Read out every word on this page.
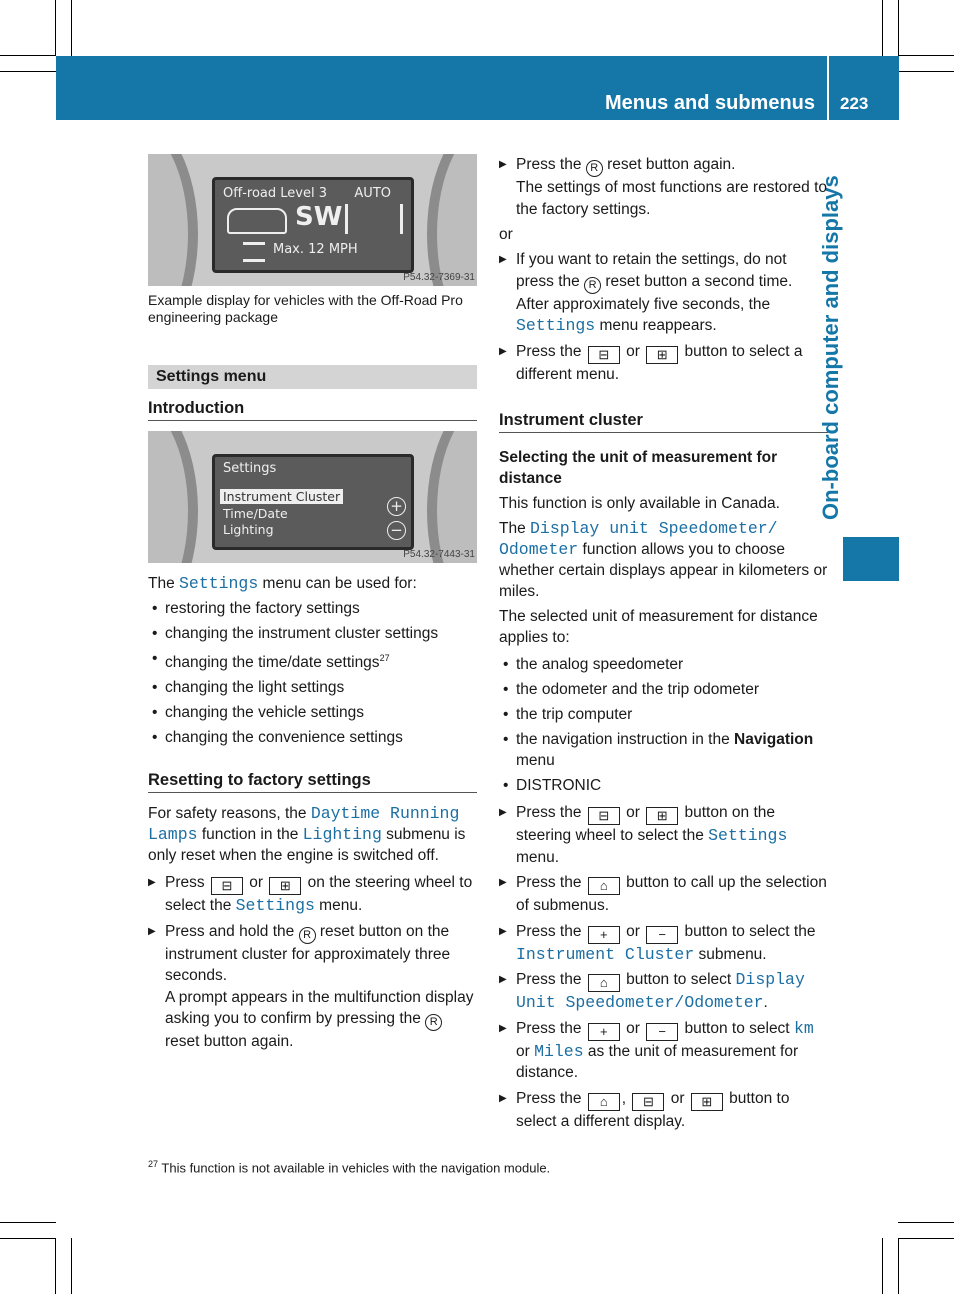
Menus and submenus 223
On-board computer and displays
Off-road Level 3 AUTO
SW
Max. 12 MPH
P54.32-7369-31
Example display for vehicles with the Off-Road Pro engineering package
Settings menu
Introduction
Settings
Instrument Cluster
Time/Date
Lighting
+
−
P54.32-7443-31

The Settings menu can be used for:

• restoring the factory settings
• changing the instrument cluster settings
• changing the time/date settings$^{27}$
• changing the light settings
• changing the vehicle settings
• changing the convenience settings
Resetting to factory settings

For safety reasons, the Daytime Running Lamps function in the Lighting submenu is only reset when the engine is switched off.

▶ Press ⊟ or ⊞ on the steering wheel to select the Settings menu.
▶ Press and hold the R reset button on the instrument cluster for approximately three seconds.
A prompt appears in the multifunction display asking you to confirm by pressing the R reset button again.
▶ Press the R reset button again.
The settings of most functions are restored to the factory settings.

or

▶ If you want to retain the settings, do not press the R reset button a second time. After approximately five seconds, the Settings menu reappears.
▶ Press the ⊟ or ⊞ button to select a different menu.
Instrument cluster

Selecting the unit of measurement for distance

This function is only available in Canada.

The Display unit Speedometer/ Odometer function allows you to choose whether certain displays appear in kilometers or miles.

The selected unit of measurement for distance applies to:

• the analog speedometer
• the odometer and the trip odometer
• the trip computer
• the navigation instruction in the Navigation menu
• DISTRONIC
▶ Press the ⊟ or ⊞ button on the steering wheel to select the Settings menu.
▶ Press the ⌂ button to call up the selection of submenus.
▶ Press the + or − button to select the Instrument Cluster submenu.
▶ Press the ⌂ button to select Display Unit Speedometer/Odometer.
▶ Press the + or − button to select km or Miles as the unit of measurement for distance.
▶ Press the ⌂ , ⊟ or ⊞ button to select a different display.
$^{27}$ This function is not available in vehicles with the navigation module.
